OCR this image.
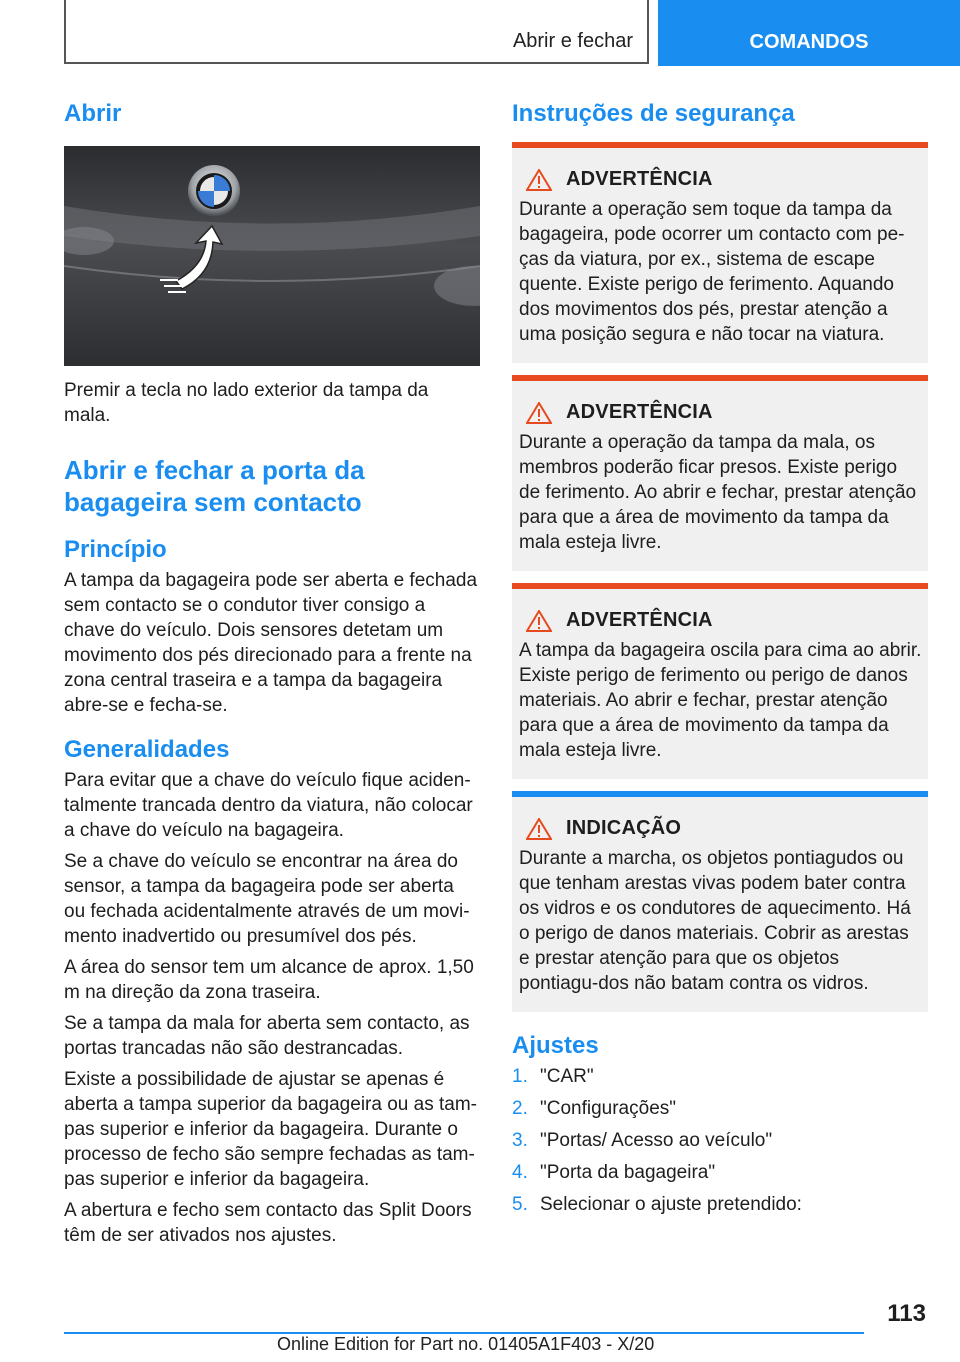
Abrir e fechar	COMANDOS
Abrir

Premir a tecla no lado exterior da tampa da mala.

Abrir e fechar a porta da
bagageira sem contacto
Princípio

A tampa da bagageira pode ser aberta e fechada sem contacto se o condutor tiver consigo a chave do veículo. Dois sensores detetam um movimento dos pés direcionado para a frente na zona central traseira e a tampa da bagageira abre-se e fecha-se.

Generalidades

Para evitar que a chave do veículo fique aciden‐talmente trancada dentro da viatura, não colocar a chave do veículo na bagageira.

Se a chave do veículo se encontrar na área do sensor, a tampa da bagageira pode ser aberta ou fechada acidentalmente através de um movi‐mento inadvertido ou presumível dos pés.

A área do sensor tem um alcance de aprox. 1,50 m na direção da zona traseira.

Se a tampa da mala for aberta sem contacto, as portas trancadas não são destrancadas.

Existe a possibilidade de ajustar se apenas é aberta a tampa superior da bagageira ou as tam‐pas superior e inferior da bagageira. Durante o processo de fecho são sempre fechadas as tam‐pas superior e inferior da bagageira.

A abertura e fecho sem contacto das Split Doors têm de ser ativados nos ajustes.

Instruções de segurança
ADVERTÊNCIA

Durante a operação sem toque da tampa da bagageira, pode ocorrer um contacto com pe‐ças da viatura, por ex., sistema de escape quente. Existe perigo de ferimento. Aquando dos movimentos dos pés, prestar atenção a uma posição segura e não tocar na viatura.

ADVERTÊNCIA

Durante a operação da tampa da mala, os membros poderão ficar presos. Existe perigo de ferimento. Ao abrir e fechar, prestar atenção para que a área de movimento da tampa da mala esteja livre.

ADVERTÊNCIA

A tampa da bagageira oscila para cima ao abrir. Existe perigo de ferimento ou perigo de danos materiais. Ao abrir e fechar, prestar atenção para que a área de movimento da tampa da mala esteja livre.

INDICAÇÃO

Durante a marcha, os objetos pontiagudos ou que tenham arestas vivas podem bater contra os vidros e os condutores de aquecimento. Há o perigo de danos materiais. Cobrir as arestas e prestar atenção para que os objetos pontiagu‐dos não batam contra os vidros.

Ajustes
1. "CAR"
2. "Configurações"
3. "Portas/ Acesso ao veículo"
4. "Porta da bagageira"
5. Selecionar o ajuste pretendido:
113
Online Edition for Part no. 01405A1F403 - X/20
